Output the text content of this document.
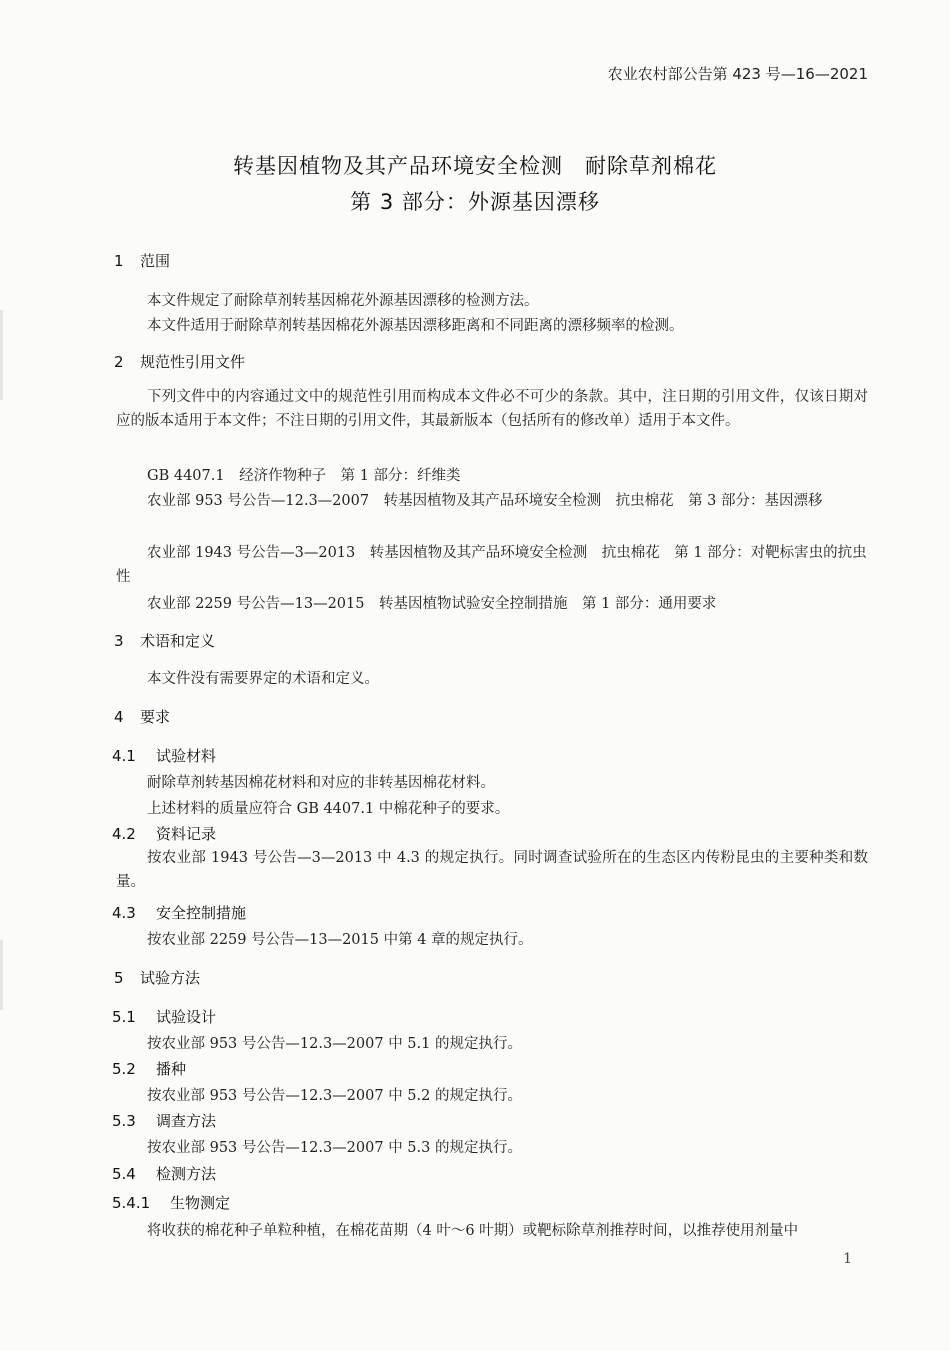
农业农村部公告第 423 号—16—2021
转基因植物及其产品环境安全检测　耐除草剂棉花
第 3 部分：外源基因漂移
1 范围
本文件规定了耐除草剂转基因棉花外源基因漂移的检测方法。
本文件适用于耐除草剂转基因棉花外源基因漂移距离和不同距离的漂移频率的检测。
2 规范性引用文件
下列文件中的内容通过文中的规范性引用而构成本文件必不可少的条款。其中，注日期的引用文件，仅该日期对应的版本适用于本文件；不注日期的引用文件，其最新版本（包括所有的修改单）适用于本文件。
GB 4407.1　经济作物种子　第 1 部分：纤维类
农业部 953 号公告—12.3—2007　转基因植物及其产品环境安全检测　抗虫棉花　第 3 部分：基因漂移
农业部 1943 号公告—3—2013　转基因植物及其产品环境安全检测　抗虫棉花　第 1 部分：对靶标害虫的抗虫性
农业部 2259 号公告—13—2015　转基因植物试验安全控制措施　第 1 部分：通用要求
3 术语和定义
本文件没有需要界定的术语和定义。
4 要求
4.1 试验材料
耐除草剂转基因棉花材料和对应的非转基因棉花材料。
上述材料的质量应符合 GB 4407.1 中棉花种子的要求。
4.2 资料记录
按农业部 1943 号公告—3—2013 中 4.3 的规定执行。同时调查试验所在的生态区内传粉昆虫的主要种类和数量。
4.3 安全控制措施
按农业部 2259 号公告—13—2015 中第 4 章的规定执行。
5 试验方法
5.1 试验设计
按农业部 953 号公告—12.3—2007 中 5.1 的规定执行。
5.2 播种
按农业部 953 号公告—12.3—2007 中 5.2 的规定执行。
5.3 调查方法
按农业部 953 号公告—12.3—2007 中 5.3 的规定执行。
5.4 检测方法
5.4.1 生物测定
将收获的棉花种子单粒种植，在棉花苗期（4 叶～6 叶期）或靶标除草剂推荐时间，以推荐使用剂量中
1
